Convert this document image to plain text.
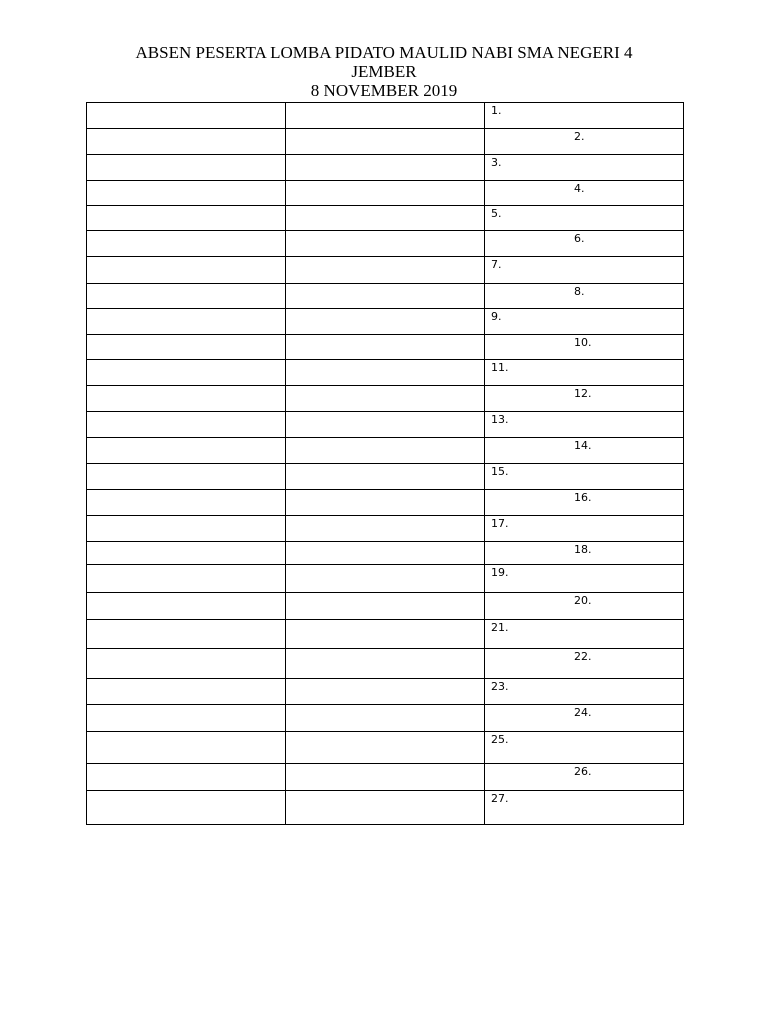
ABSEN PESERTA LOMBA PIDATO MAULID NABI SMA NEGERI 4
JEMBER
8 NOVEMBER 2019

		1.

		2.

		3.

		4.

		5.

		6.

		7.

		8.

		9.

		10.

		11.

		12.

		13.

		14.

		15.

		16.

		17.

		18.

		19.

		20.

		21.

		22.

		23.

		24.

		25.

		26.

		27.
